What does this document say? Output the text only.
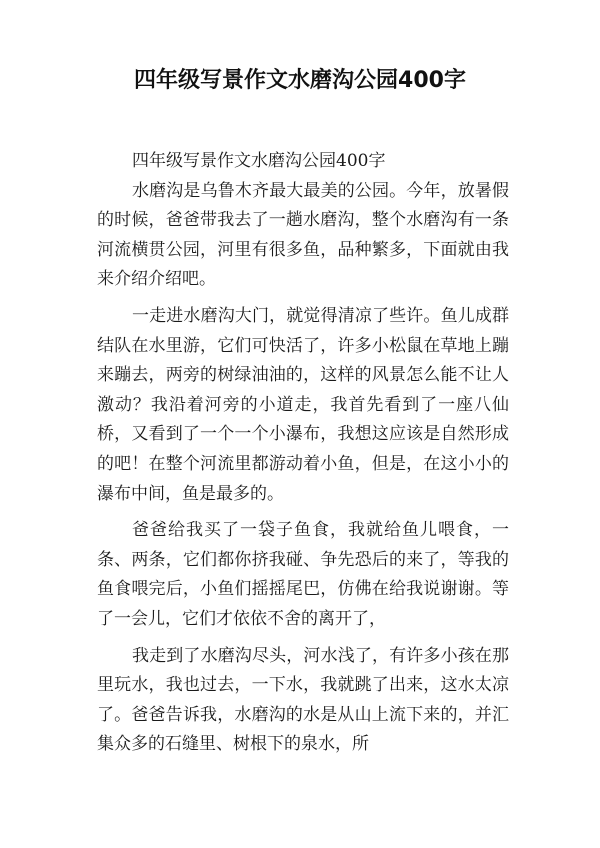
四年级写景作文水磨沟公园400字

四年级写景作文水磨沟公园400字

水磨沟是乌鲁木齐最大最美的公园。今年，放暑假的时候，爸爸带我去了一趟水磨沟，整个水磨沟有一条河流横贯公园，河里有很多鱼，品种繁多，下面就由我来介绍介绍吧。

一走进水磨沟大门，就觉得清凉了些许。鱼儿成群结队在水里游，它们可快活了，许多小松鼠在草地上蹦来蹦去，两旁的树绿油油的，这样的风景怎么能不让人激动？我沿着河旁的小道走，我首先看到了一座八仙桥，又看到了一个一个小瀑布，我想这应该是自然形成的吧！在整个河流里都游动着小鱼，但是，在这小小的瀑布中间，鱼是最多的。

爸爸给我买了一袋子鱼食，我就给鱼儿喂食，一条、两条，它们都你挤我碰、争先恐后的来了，等我的鱼食喂完后，小鱼们摇摇尾巴，仿佛在给我说谢谢。等了一会儿，它们才依依不舍的离开了，

我走到了水磨沟尽头，河水浅了，有许多小孩在那里玩水，我也过去，一下水，我就跳了出来，这水太凉了。爸爸告诉我，水磨沟的水是从山上流下来的，并汇集众多的石缝里、树根下的泉水，所
